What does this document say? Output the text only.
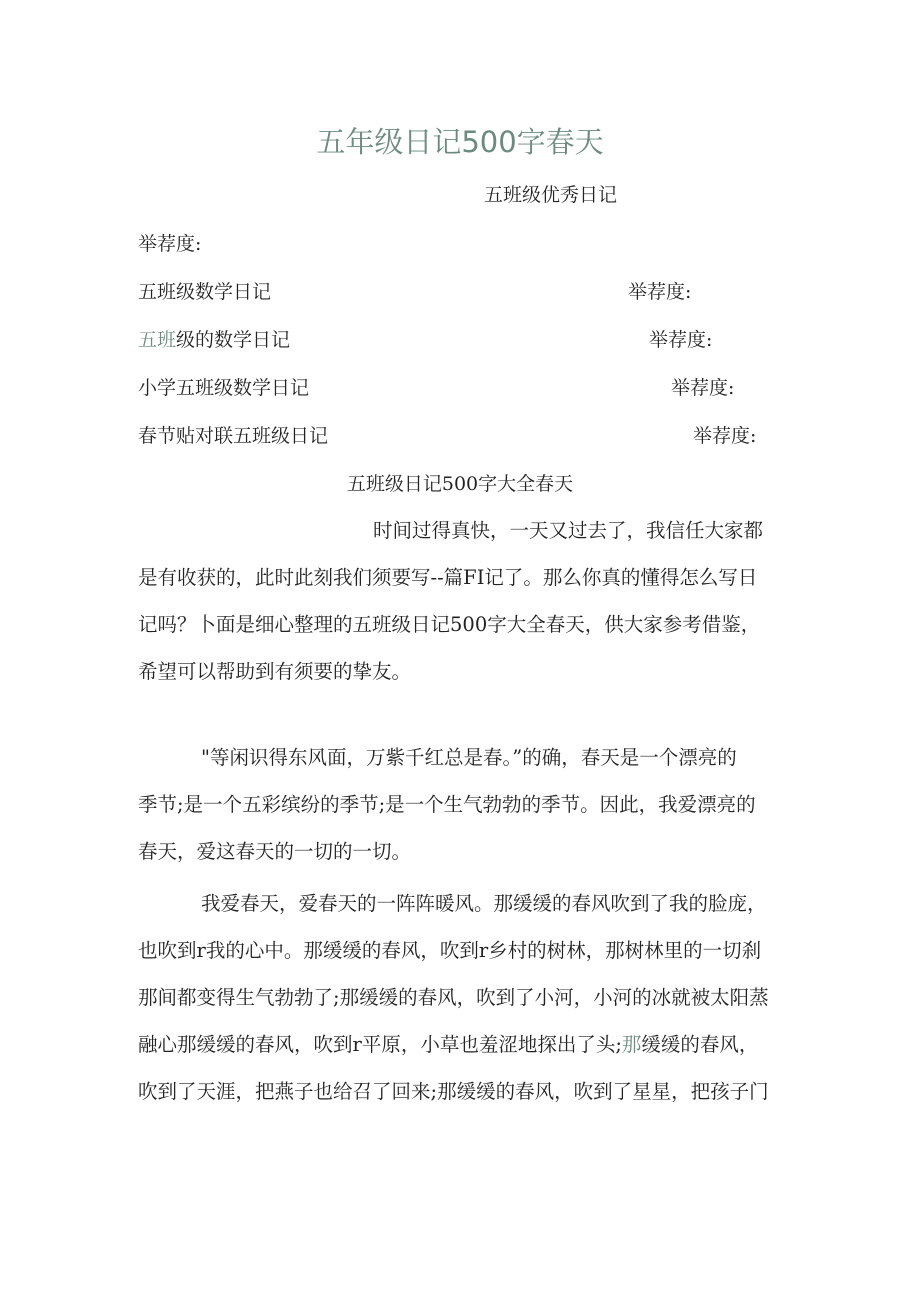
五年级日记500字春天
五班级优秀日记
举荐度:
五班级数学日记	举荐度:
五班级的数学日记	举荐度:
小学五班级数学日记	举荐度:
春节贴对联五班级日记	举荐度:
五班级日记500字大全春天
时间过得真快，一天又过去了，我信任大家都
是有收获的，此时此刻我们须要写--篇FI记了。那么你真的懂得怎么写日
记吗？卜面是细心整理的五班级日记500字大全春天，供大家参考借鉴，
希望可以帮助到有须要的挚友。
"等闲识得东风面，万紫千红总是春。”的确，春天是一个漂亮的
季节;是一个五彩缤纷的季节;是一个生气勃勃的季节。因此，我爱漂亮的
春天，爱这春天的一切的一切。
我爱春天，爱春天的一阵阵暖风。那缓缓的春风吹到了我的脸庞，
也吹到r我的心中。那缓缓的春风，吹到r乡村的树林，那树林里的一切刹
那间都变得生气勃勃了;那缓缓的春风，吹到了小河，小河的冰就被太阳蒸
融心那缓缓的春风，吹到r平原，小草也羞涩地探出了头;那缓缓的春风，
吹到了天涯，把燕子也给召了回来;那缓缓的春风，吹到了星星，把孩子门
